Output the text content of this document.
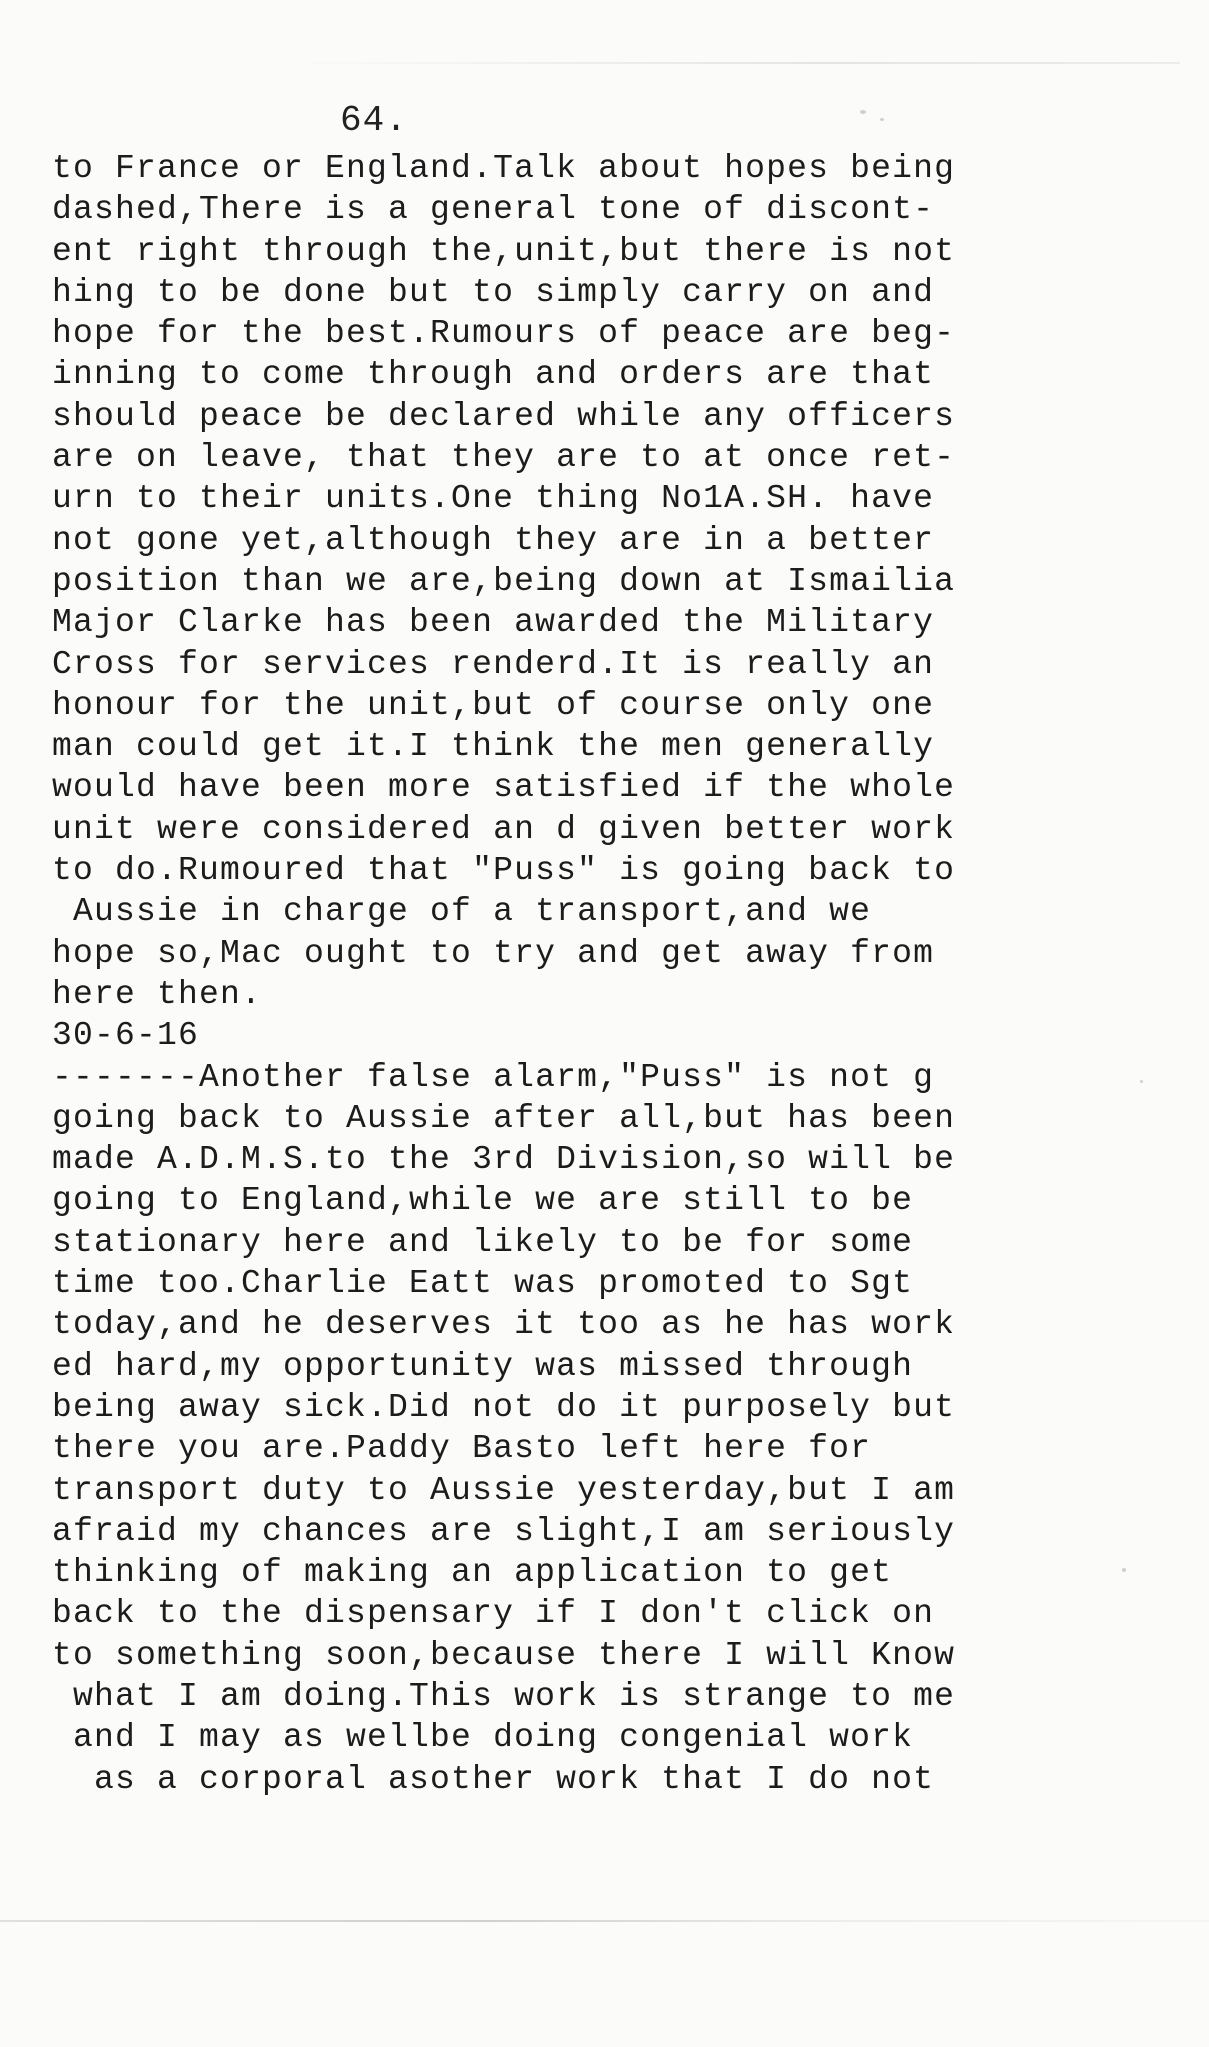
64.
to France or England.Talk about hopes being
dashed,There is a general tone of discont-
ent right through the,unit,but there is not
hing to be done but to simply carry on and
hope for the best.Rumours of peace are beg-
inning to come through and orders are that
should peace be declared while any officers
are on leave, that they are to at once ret-
urn to their units.One thing No1A.SH. have
not gone yet,although they are in a better
position than we are,being down at Ismailia
Major Clarke has been awarded the Military
Cross for services renderd.It is really an
honour for the unit,but of course only one
man could get it.I think the men generally
would have been more satisfied if the whole
unit were considered an d given better work
to do.Rumoured that "Puss" is going back to
Aussie in charge of a transport,and we
hope so,Mac ought to try and get away from
here then.
30-6-16
-------Another false alarm,"Puss" is not g
going back to Aussie after all,but has been
made A.D.M.S.to the 3rd Division,so will be
going to England,while we are still to be
stationary here and likely to be for some
time too.Charlie Eatt was promoted to Sgt
today,and he deserves it too as he has work
ed hard,my opportunity was missed through
being away sick.Did not do it purposely but
there you are.Paddy Basto left here for
transport duty to Aussie yesterday,but I am
afraid my chances are slight,I am seriously
thinking of making an application to get
back to the dispensary if I don't click on
to something soon,because there I will Know
what I am doing.This work is strange to me
and I may as wellbe doing congenial work
as a corporal asother work that I do not
